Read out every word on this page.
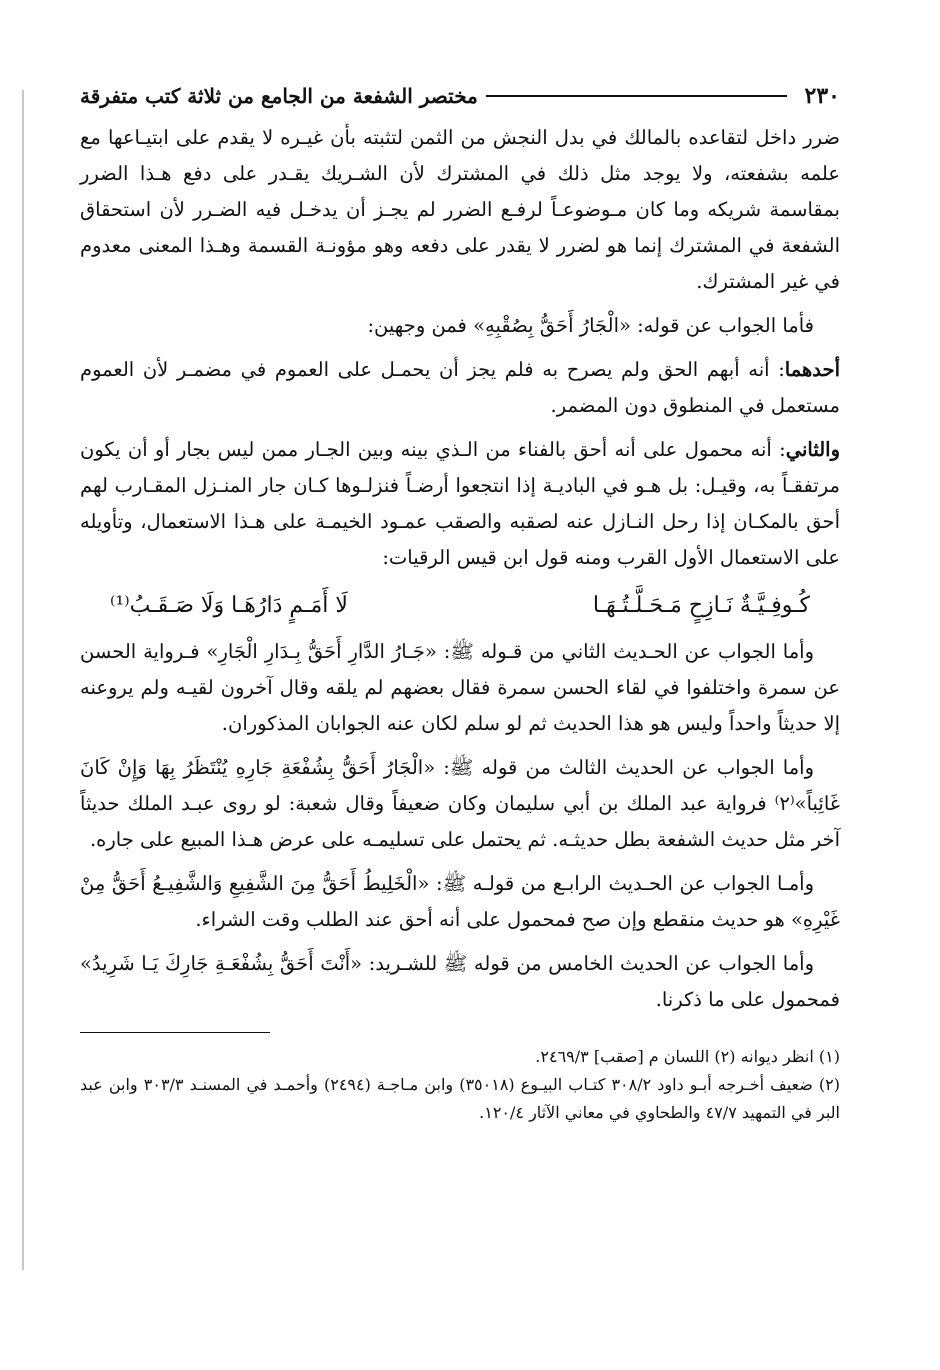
٢٣٠
مختصر الشفعة من الجامع من ثلاثة كتب متفرقة

ضرر داخل لتقاعده بالمالك في بدل النجش من الثمن لتثبته بأن غيـره لا يقدم على ابتيـاعها مع علمه بشفعته، ولا يوجد مثل ذلك في المشترك لأن الشـريك يقـدر على دفع هـذا الضرر بمقاسمة شريكه وما كان مـوضوعـاً لرفـع الضرر لم يجـز أن يدخـل فيه الضـرر لأن استحقاق الشفعة في المشترك إنما هو لضرر لا يقدر على دفعه وهو مؤونـة القسمة وهـذا المعنى معدوم في غير المشترك.

فأما الجواب عن قوله: «الْجَارُ أَحَقُّ بِصُقْبِهِ» فمن وجهين:

أحدهما: أنه أبهم الحق ولم يصرح به فلم يجز أن يحمـل على العموم في مضمـر لأن العموم مستعمل في المنطوق دون المضمر.

والثاني: أنه محمول على أنه أحق بالفناء من الـذي بينه وبين الجـار ممن ليس بجار أو أن يكون مرتفقـاً به، وقيـل: بل هـو في الباديـة إذا انتجعوا أرضـاً فنزلـوها كـان جار المنـزل المقـارب لهم أحق بالمكـان إذا رحل النـازل عنه لصقبه والصقب عمـود الخيمـة على هـذا الاستعمال، وتأويله على الاستعمال الأول القرب ومنه قول ابن قيس الرقيات:

كُـوفِـيَّـةٌ نَـازِحٍ مَـحَـلَّـتُـهَـا
لَا أَمَـمٍ دَارُهَـا وَلَا صَـقَـبُ⁽¹⁾

وأما الجواب عن الحـديث الثاني من قـوله ﷺ: «جَـارُ الدَّارِ أَحَقُّ بِـدَارِ الْجَارِ» فـرواية الحسن عن سمرة واختلفوا في لقاء الحسن سمرة فقال بعضهم لم يلقه وقال آخرون لقيـه ولم يروعنه إلا حديثاً واحداً وليس هو هذا الحديث ثم لو سلم لكان عنه الجوابان المذكوران.

وأما الجواب عن الحديث الثالث من قوله ﷺ: «الْجَارُ أَحَقُّ بِشُفْعَةِ جَارِهِ يُنْتَظَرُ بِهَا وَإِنْ كَانَ غَائِباً»⁽٢⁾ فرواية عبد الملك بن أبي سليمان وكان ضعيفاً وقال شعبة: لو روى عبـد الملك حديثاً آخر مثل حديث الشفعة بطل حديثـه. ثم يحتمل على تسليمـه على عرض هـذا المبيع على جاره.

وأمـا الجواب عن الحـديث الرابـع من قولـه ﷺ: «الْخَلِيطُ أَحَقُّ مِنَ الشَّفِيعِ وَالشَّفِيـعُ أَحَقُّ مِنْ غَيْرِهِ» هو حديث منقطع وإن صح فمحمول على أنه أحق عند الطلب وقت الشراء.

وأما الجواب عن الحديث الخامس من قوله ﷺ للشـريد: «أَنْتَ أَحَقُّ بِشُفْعَـةِ جَارِكَ يَـا شَرِيدُ» فمحمول على ما ذكرنا.

(١) انظر ديوانه (٢) اللسان م [صقب] ٢٤٦٩/٣.

(٢) ضعيف أخـرجه أبـو داود ٣٠٨/٢ كتـاب البيـوع (٣٥٠١٨) وابن مـاجـة (٢٤٩٤) وأحمـد في المسنـد ٣٠٣/٣ وابن عبد البر في التمهيد ٤٧/٧ والطحاوي في معاني الآثار ١٢٠/٤.
